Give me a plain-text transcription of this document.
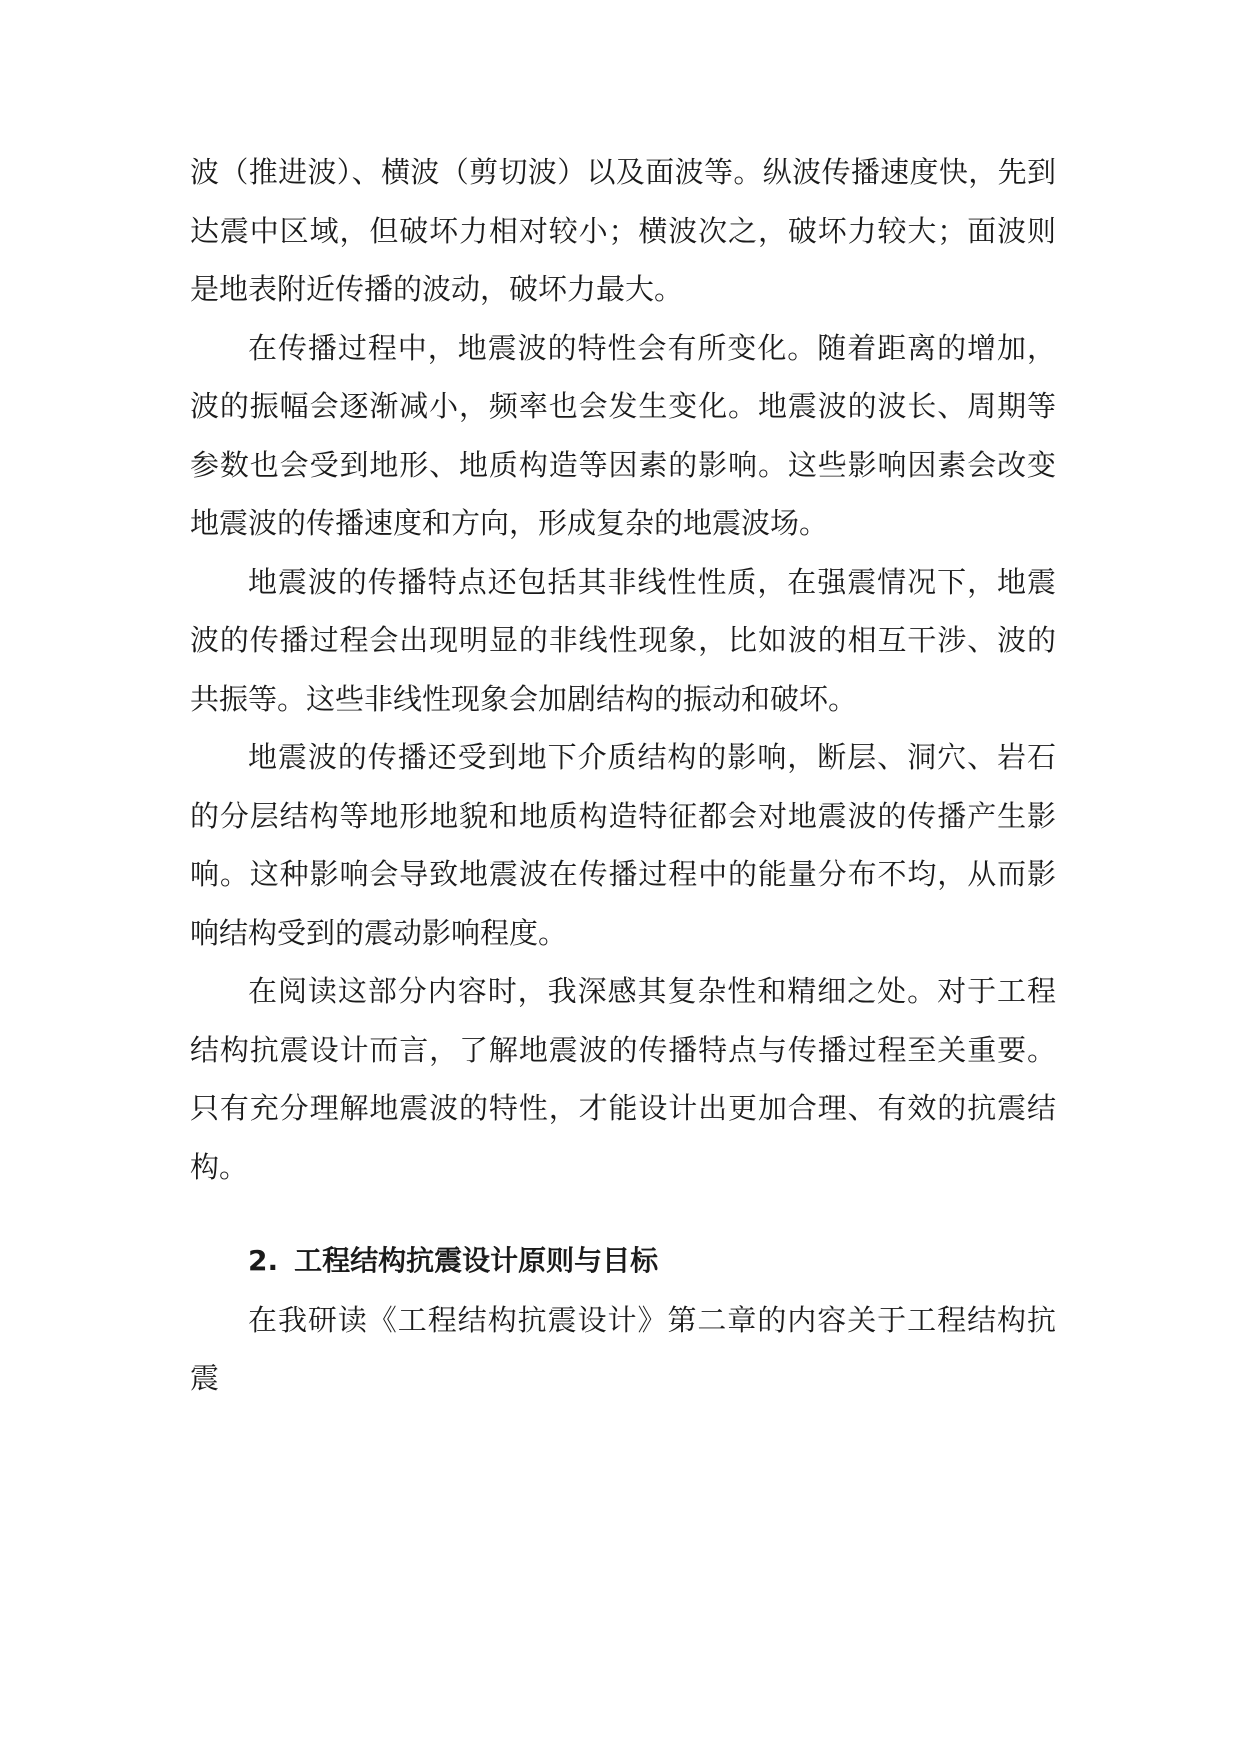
波（推进波）、横波（剪切波）以及面波等。纵波传播速度快，先到达震中区域，但破坏力相对较小；横波次之，破坏力较大；面波则是地表附近传播的波动，破坏力最大。

在传播过程中，地震波的特性会有所变化。随着距离的增加，波的振幅会逐渐减小，频率也会发生变化。地震波的波长、周期等参数也会受到地形、地质构造等因素的影响。这些影响因素会改变地震波的传播速度和方向，形成复杂的地震波场。

地震波的传播特点还包括其非线性性质，在强震情况下，地震波的传播过程会出现明显的非线性现象，比如波的相互干涉、波的共振等。这些非线性现象会加剧结构的振动和破坏。

地震波的传播还受到地下介质结构的影响，断层、洞穴、岩石的分层结构等地形地貌和地质构造特征都会对地震波的传播产生影响。这种影响会导致地震波在传播过程中的能量分布不均，从而影响结构受到的震动影响程度。

在阅读这部分内容时，我深感其复杂性和精细之处。对于工程结构抗震设计而言，了解地震波的传播特点与传播过程至关重要。只有充分理解地震波的特性，才能设计出更加合理、有效的抗震结构。

2. 工程结构抗震设计原则与目标

在我研读《工程结构抗震设计》第二章的内容关于工程结构抗震
